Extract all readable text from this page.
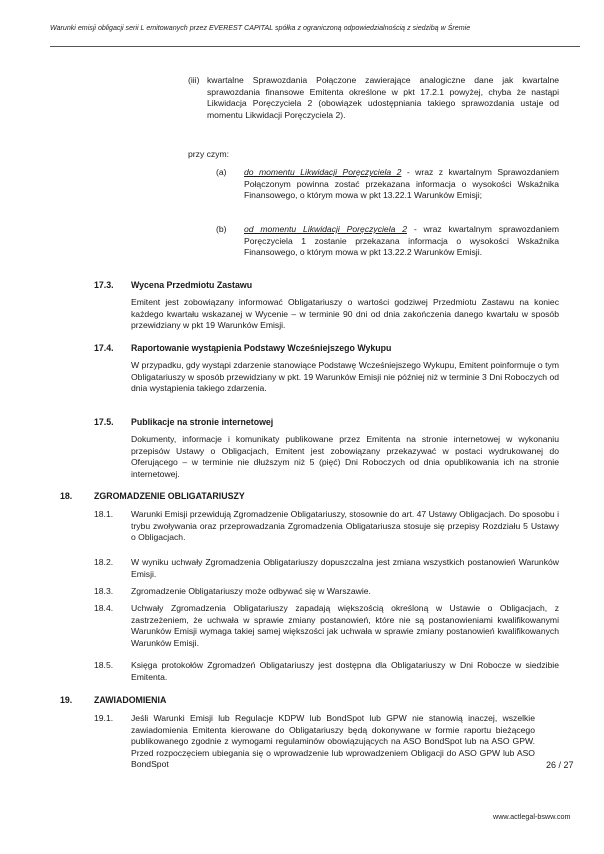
Warunki emisji obligacji serii L emitowanych przez EVEREST CAPITAL spółka z ograniczoną odpowiedzialnością z siedzibą w Śremie
(iii) kwartalne Sprawozdania Połączone zawierające analogiczne dane jak kwartalne sprawozdania finansowe Emitenta określone w pkt 17.2.1 powyżej, chyba że nastąpi Likwidacja Poręczyciela 2 (obowiązek udostępniania takiego sprawozdania ustaje od momentu Likwidacji Poręczyciela 2).
przy czym:
(a) do momentu Likwidacji Poręczyciela 2 - wraz z kwartalnym Sprawozdaniem Połączonym powinna zostać przekazana informacja o wysokości Wskaźnika Finansowego, o którym mowa w pkt 13.22.1 Warunków Emisji;
(b) od momentu Likwidacji Poręczyciela 2 - wraz kwartalnym sprawozdaniem Poręczyciela 1 zostanie przekazana informacja o wysokości Wskaźnika Finansowego, o którym mowa w pkt 13.22.2 Warunków Emisji.
17.3. Wycena Przedmiotu Zastawu
Emitent jest zobowiązany informować Obligatariuszy o wartości godziwej Przedmiotu Zastawu na koniec każdego kwartału wskazanej w Wycenie – w terminie 90 dni od dnia zakończenia danego kwartału w sposób przewidziany w pkt 19 Warunków Emisji.
17.4. Raportowanie wystąpienia Podstawy Wcześniejszego Wykupu
W przypadku, gdy wystąpi zdarzenie stanowiące Podstawę Wcześniejszego Wykupu, Emitent poinformuje o tym Obligatariuszy w sposób przewidziany w pkt. 19 Warunków Emisji nie później niż w terminie 3 Dni Roboczych od dnia wystąpienia takiego zdarzenia.
17.5. Publikacje na stronie internetowej
Dokumenty, informacje i komunikaty publikowane przez Emitenta na stronie internetowej w wykonaniu przepisów Ustawy o Obligacjach, Emitent jest zobowiązany przekazywać w postaci wydrukowanej do Oferującego – w terminie nie dłuższym niż 5 (pięć) Dni Roboczych od dnia opublikowania ich na stronie internetowej.
18. ZGROMADZENIE OBLIGATARIUSZY
18.1. Warunki Emisji przewidują Zgromadzenie Obligatariuszy, stosownie do art. 47 Ustawy Obligacjach. Do sposobu i trybu zwoływania oraz przeprowadzania Zgromadzenia Obligatariusza stosuje się przepisy Rozdziału 5 Ustawy o Obligacjach.
18.2. W wyniku uchwały Zgromadzenia Obligatariuszy dopuszczalna jest zmiana wszystkich postanowień Warunków Emisji.
18.3. Zgromadzenie Obligatariuszy może odbywać się w Warszawie.
18.4. Uchwały Zgromadzenia Obligatariuszy zapadają większością określoną w Ustawie o Obligacjach, z zastrzeżeniem, że uchwała w sprawie zmiany postanowień, które nie są postanowieniami kwalifikowanymi Warunków Emisji wymaga takiej samej większości jak uchwała w sprawie zmiany postanowień kwalifikowanych Warunków Emisji.
18.5. Księga protokołów Zgromadzeń Obligatariuszy jest dostępna dla Obligatariuszy w Dni Robocze w siedzibie Emitenta.
19. ZAWIADOMIENIA
19.1. Jeśli Warunki Emisji lub Regulacje KDPW lub BondSpot lub GPW nie stanowią inaczej, wszelkie zawiadomienia Emitenta kierowane do Obligatariuszy będą dokonywane w formie raportu bieżącego publikowanego zgodnie z wymogami regulaminów obowiązujących na ASO BondSpot lub na ASO GPW. Przed rozpoczęciem ubiegania się o wprowadzenie lub wprowadzeniem Obligacji do ASO GPW lub ASO BondSpot	26 / 27
www.actlegal-bsww.com
